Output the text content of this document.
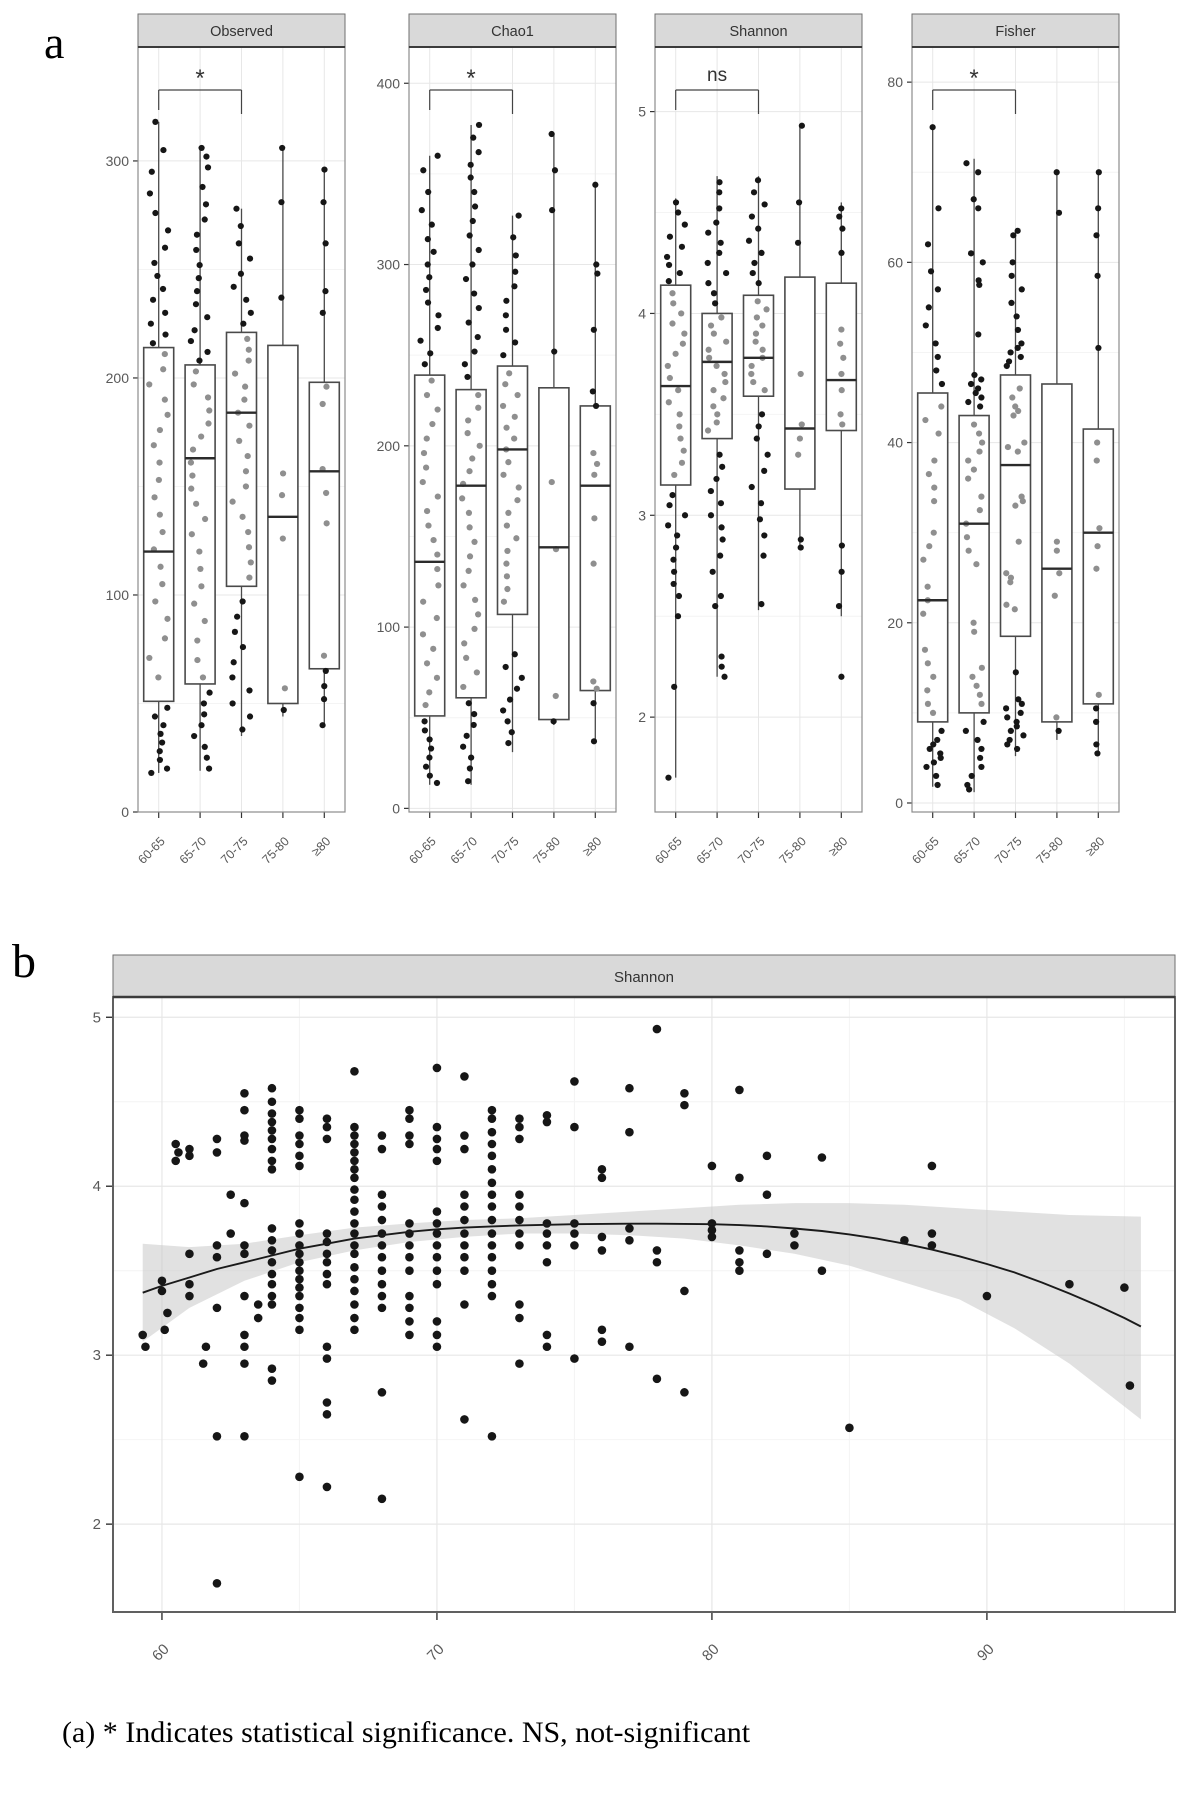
a
b
0
100
200
300
60-65 65-70 70-75 75-80 ≥80
*
Observed
0
100
200
300
400
60-65 65-70 70-75 75-80 ≥80
*
Chao1
2
3
4
5
60-65 65-70 70-75 75-80 ≥80
ns
Shannon
0
20
40
60
80
60-65 65-70 70-75 75-80 ≥80
*
Fisher
2
3
4
5
60	70	80	90
Shannon
(a) * Indicates statistical significance. NS, not-significant
